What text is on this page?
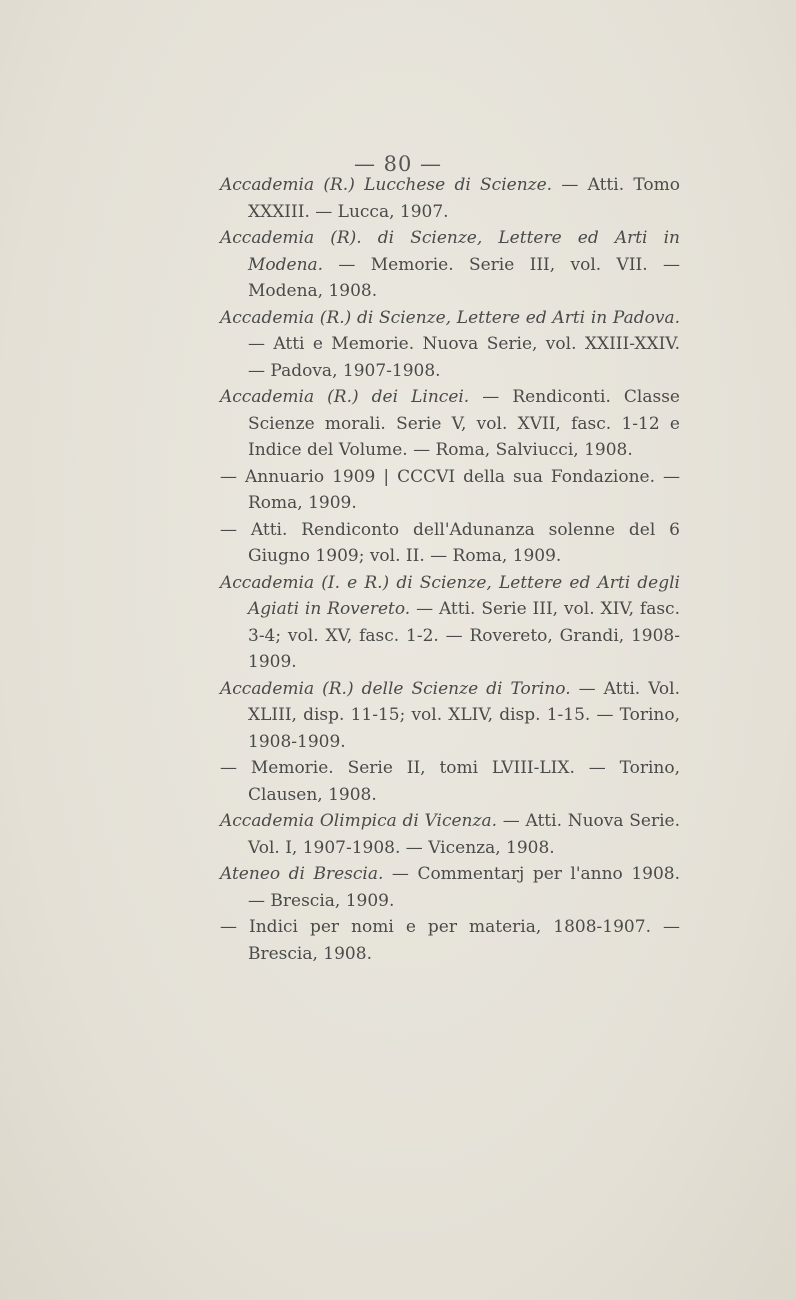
— 80 —

Accademia (R.) Lucchese di Scienze. — Atti. Tomo XXXIII. — Lucca, 1907.

Accademia (R). di Scienze, Lettere ed Arti in Modena. — Memorie. Serie III, vol. VII. — Modena, 1908.

Accademia (R.) di Scienze, Lettere ed Arti in Padova. — Atti e Memorie. Nuova Serie, vol. XXIII-XXIV. — Padova, 1907-1908.

Accademia (R.) dei Lincei. — Rendiconti. Classe Scienze morali. Serie V, vol. XVII, fasc. 1-12 e Indice del Volume. — Roma, Salviucci, 1908.

— Annuario 1909 | CCCVI della sua Fondazione. — Roma, 1909.

— Atti. Rendiconto dell'Adunanza solenne del 6 Giugno 1909; vol. II. — Roma, 1909.

Accademia (I. e R.) di Scienze, Lettere ed Arti degli Agiati in Rovereto. — Atti. Serie III, vol. XIV, fasc. 3-4; vol. XV, fasc. 1-2. — Rovereto, Grandi, 1908-1909.

Accademia (R.) delle Scienze di Torino. — Atti. Vol. XLIII, disp. 11-15; vol. XLIV, disp. 1-15. — Torino, 1908-1909.

— Memorie. Serie II, tomi LVIII-LIX. — Torino, Clausen, 1908.

Accademia Olimpica di Vicenza. — Atti. Nuova Serie. Vol. I, 1907-1908. — Vicenza, 1908.

Ateneo di Brescia. — Commentarj per l'anno 1908. — Brescia, 1909.

— Indici per nomi e per materia, 1808-1907. — Brescia, 1908.
